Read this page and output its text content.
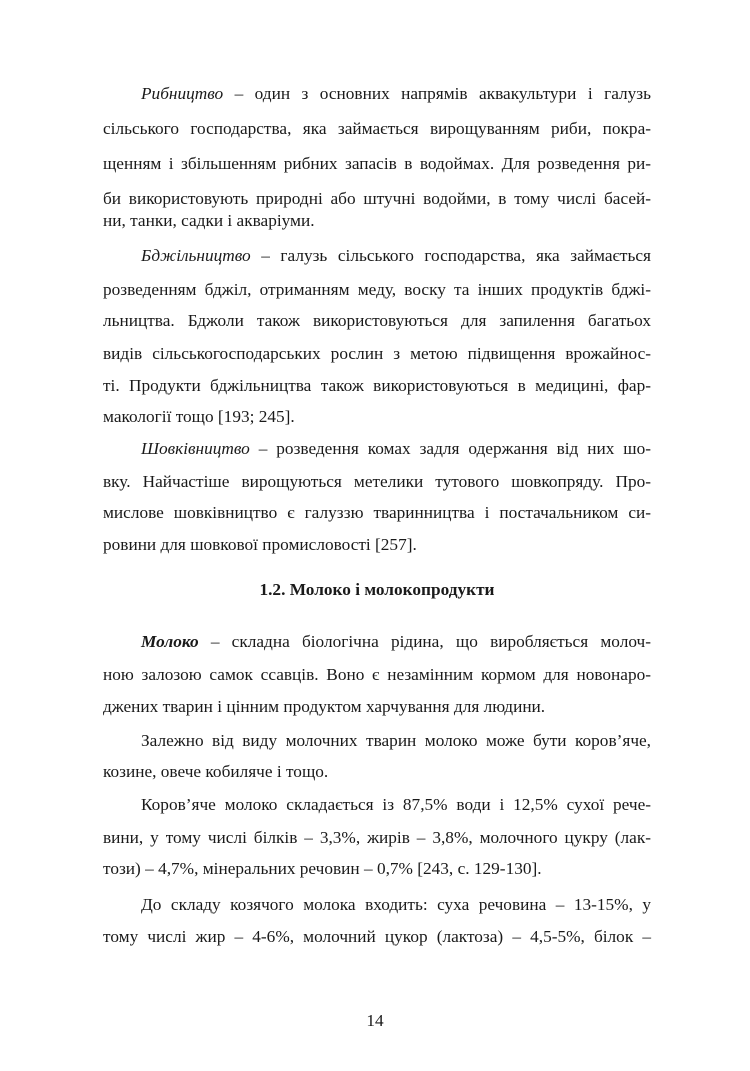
Рибництво – один з основних напрямів аквакультури і галузь
сільського господарства, яка займається вирощуванням риби, покра-
щенням і збільшенням рибних запасів в водоймах. Для розведення ри-
би використовують природні або штучні водойми, в тому числі басей-
ни, танки, садки і акваріуми.
Бджільництво – галузь сільського господарства, яка займається
розведенням бджіл, отриманням меду, воску та інших продуктів бджі-
льництва. Бджоли також використовуються для запилення багатьох
видів сільськогосподарських рослин з метою підвищення врожайнос-
ті. Продукти бджільництва також використовуються в медицині, фар-
макології тощо [193; 245].
Шовківництво – розведення комах задля одержання від них шо-
вку. Найчастіше вирощуються метелики тутового шовкопряду. Про-
мислове шовківництво є галуззю тваринництва і постачальником си-
ровини для шовкової промисловості [257].
1.2. Молоко і молокопродукти
Молоко – складна біологічна рідина, що виробляється молоч-
ною залозою самок ссавців. Воно є незамінним кормом для новонаро-
джених тварин і цінним продуктом харчування для людини.
Залежно від виду молочних тварин молоко може бути коров’яче,
козине, овече кобиляче і тощо.
Коров’яче молоко складається із 87,5% води і 12,5% сухої рече-
вини, у тому числі білків – 3,3%, жирів – 3,8%, молочного цукру (лак-
този) – 4,7%, мінеральних речовин – 0,7% [243, с. 129-130].
До складу козячого молока входить: суха речовина – 13-15%, у
тому числі жир – 4-6%, молочний цукор (лактоза) – 4,5-5%, білок –
14
